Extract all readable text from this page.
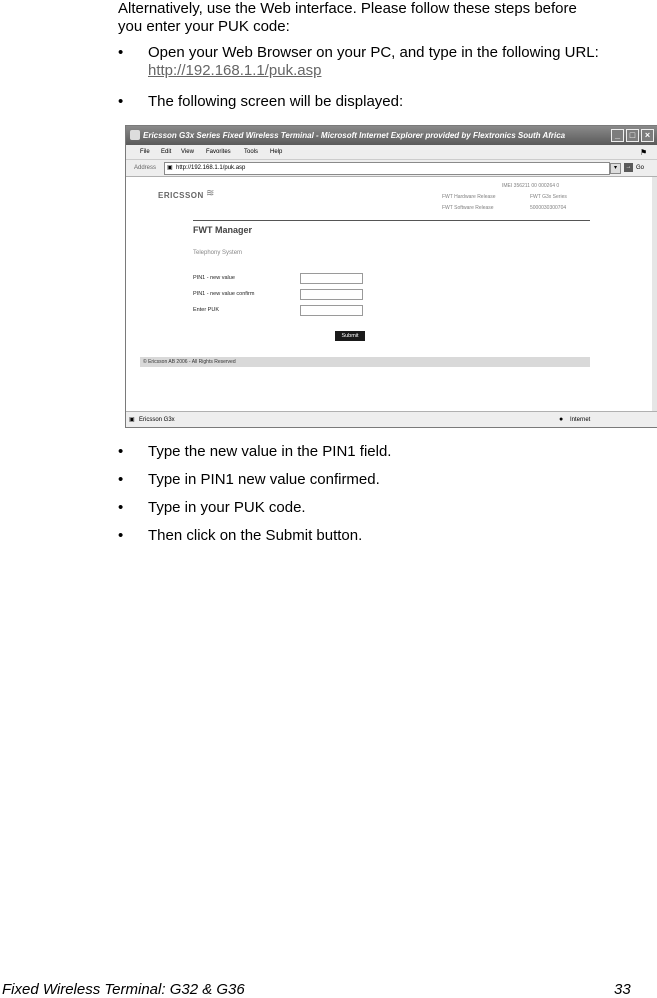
Alternatively, use the Web interface. Please follow these steps before
you enter your PUK code:
• Open your Web Browser on your PC, and type in the following URL:
http://192.168.1.1/puk.asp
• The following screen will be displayed:
Ericsson G3x Series Fixed Wireless Terminal - Microsoft Internet Explorer provided by Flextronics South Africa	_	□	×
File Edit View Favorites Tools Help	⚑
Address ▣ http://192.168.1.1/puk.asp	▾	→ Go
ERICSSON ≋
IMEI 356211 00 000264 0
FWT Hardware Release	FWT G3x Series
FWT Software Release	5000030300704
FWT Manager
Telephony System
PIN1 - new value
PIN1 - new value confirm
Enter PUK
Submit
© Ericsson AB 2006 - All Rights Reserved
▣ Ericsson G3x	● Internet
• Type the new value in the PIN1 field.
• Type in PIN1 new value confirmed.
• Type in your PUK code.
• Then click on the Submit button.
Fixed Wireless Terminal: G32 & G36	33
